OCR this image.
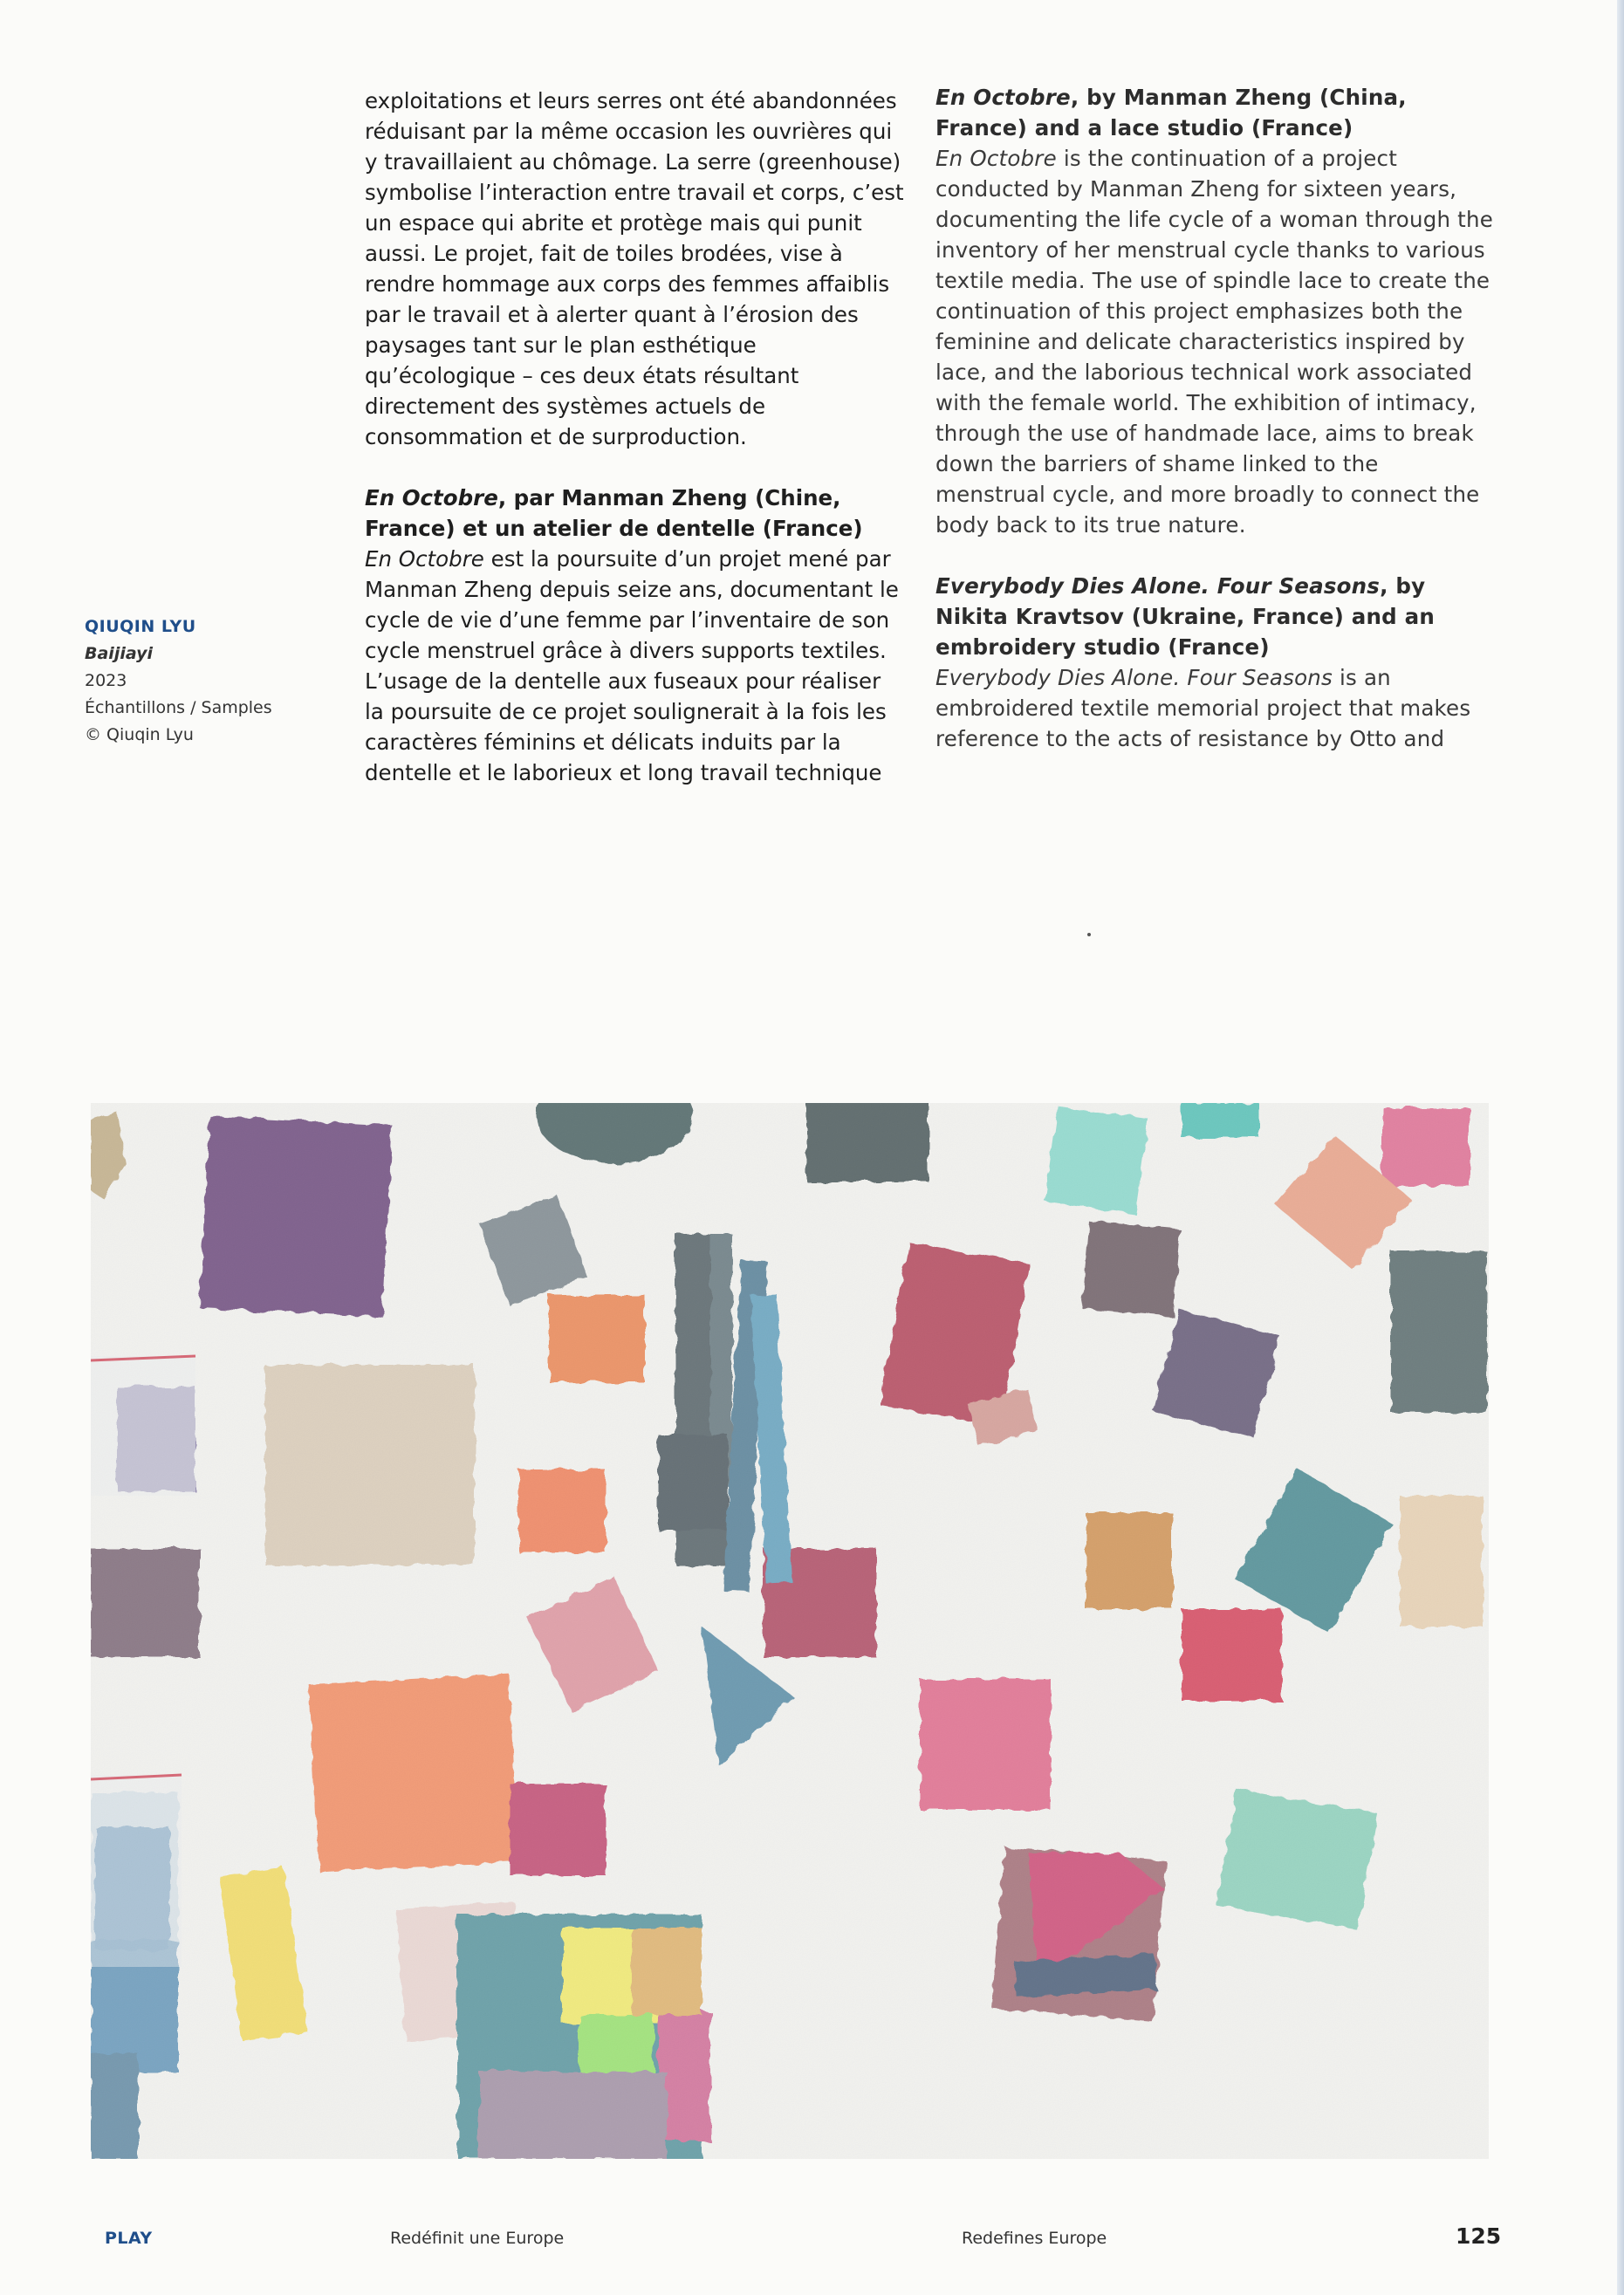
exploitations et leurs serres ont été abandonnées réduisant par la même occasion les ouvrières qui y travaillaient au chômage. La serre (greenhouse) symbolise l’interaction entre travail et corps, c’est un espace qui abrite et protège mais qui punit aussi. Le projet, fait de toiles brodées, vise à rendre hommage aux corps des femmes affaiblis par le travail et à alerter quant à l’érosion des paysages tant sur le plan esthétique qu’écologique – ces deux états résultant directement des systèmes actuels de consommation et de surproduction.

En Octobre, par Manman Zheng (Chine, France) et un atelier de dentelle (France)
En Octobre est la poursuite d’un projet mené par Manman Zheng depuis seize ans, documentant le cycle de vie d’une femme par l’inventaire de son cycle menstruel grâce à divers supports textiles. L’usage de la dentelle aux fuseaux pour réaliser la poursuite de ce projet soulignerait à la fois les caractères féminins et délicats induits par la dentelle et le laborieux et long travail technique

En Octobre, by Manman Zheng (China, France) and a lace studio (France)
En Octobre is the continuation of a project conducted by Manman Zheng for sixteen years, documenting the life cycle of a woman through the inventory of her menstrual cycle thanks to various textile media. The use of spindle lace to create the continuation of this project emphasizes both the feminine and delicate characteristics inspired by lace, and the laborious technical work associated with the female world. The exhibition of intimacy, through the use of handmade lace, aims to break down the barriers of shame linked to the menstrual cycle, and more broadly to connect the body back to its true nature.

Everybody Dies Alone. Four Seasons, by Nikita Kravtsov (Ukraine, France) and an embroidery studio (France)
Everybody Dies Alone. Four Seasons is an embroidered textile memorial project that makes reference to the acts of resistance by Otto and

QIUQIN LYU
Baijiayi
2023
Échantillons / Samples
© Qiuqin Lyu
PLAY	Redéfinit une Europe	Redefines Europe	125
